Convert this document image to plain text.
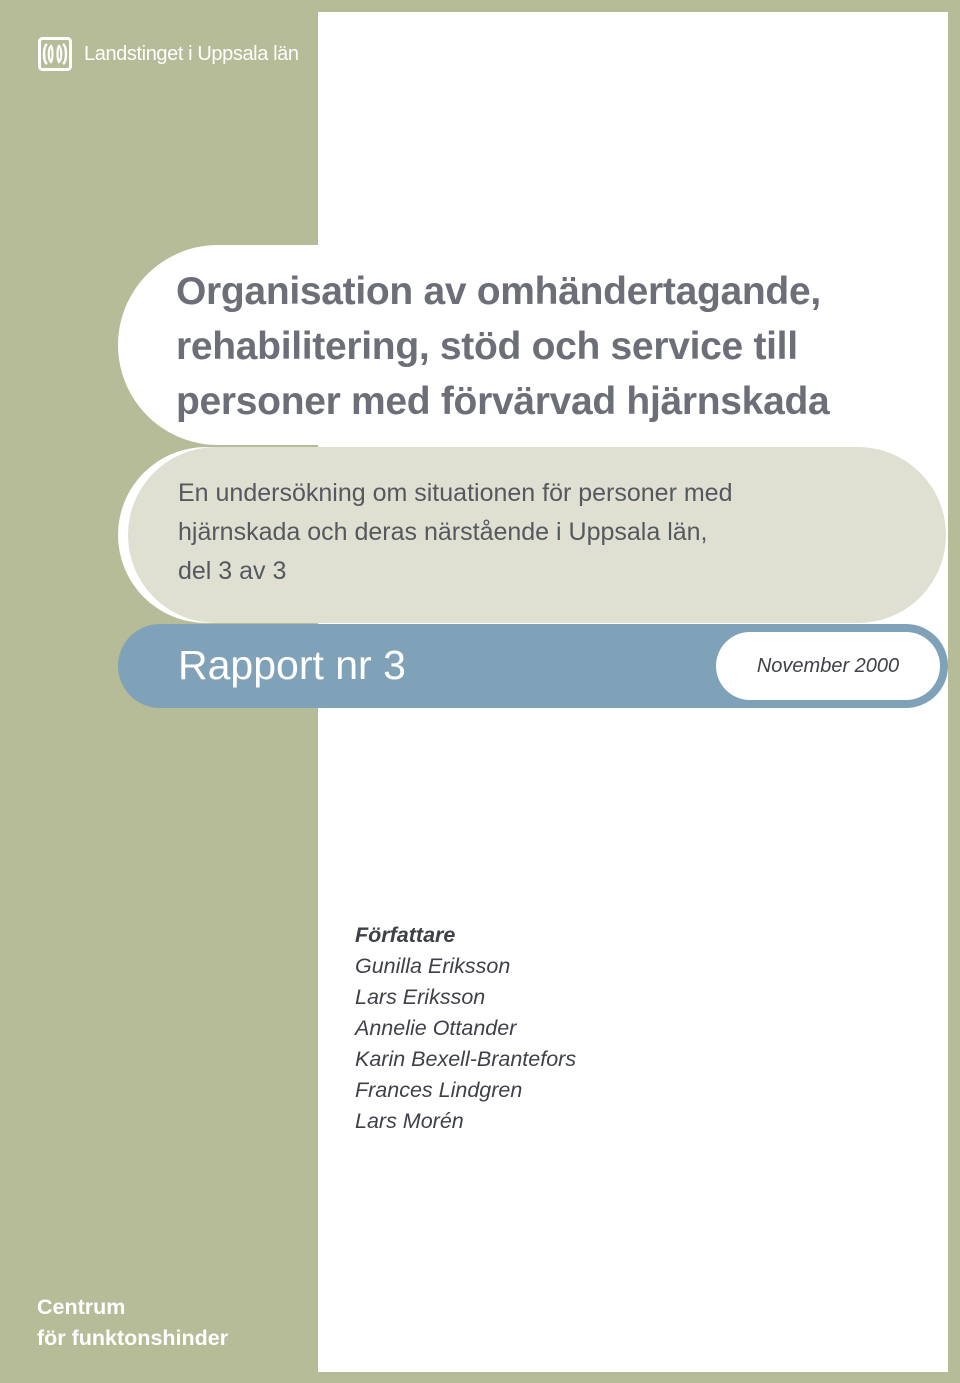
Landstinget i Uppsala län
Organisation av omhändertagande,
rehabilitering, stöd och service till
personer med förvärvad hjärnskada

En undersökning om situationen för personer med
hjärnskada och deras närstående i Uppsala län,
del 3 av 3

Rapport nr 3	November 2000
Författare
Gunilla Eriksson
Lars Eriksson
Annelie Ottander
Karin Bexell-Brantefors
Frances Lindgren
Lars Morén
Centrum
för funktonshinder
